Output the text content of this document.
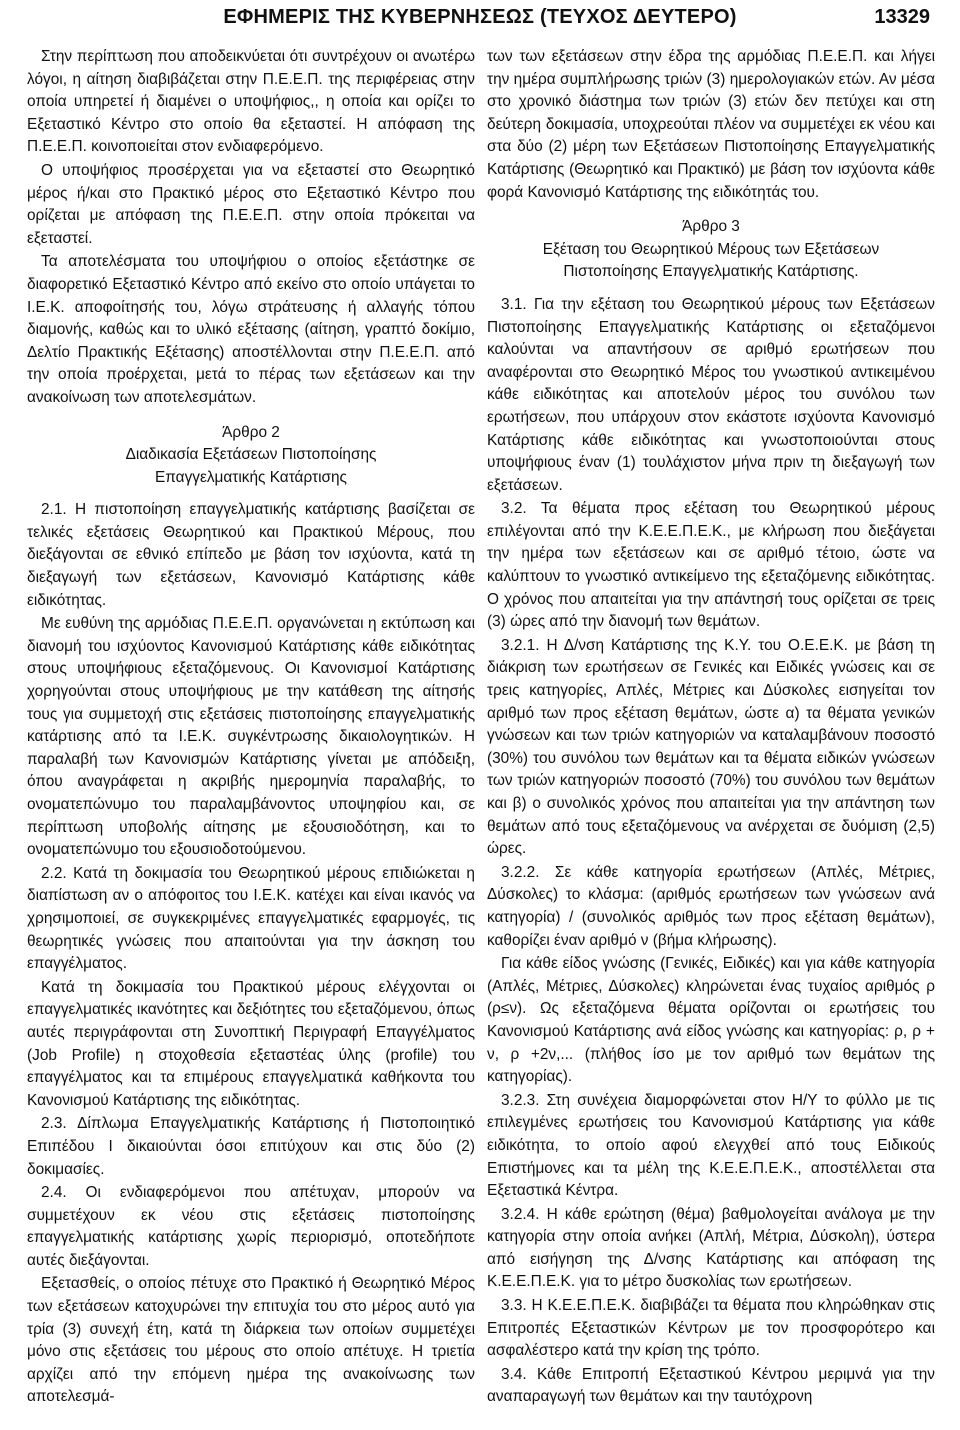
ΕΦΗΜΕΡΙΣ ΤΗΣ ΚΥΒΕΡΝΗΣΕΩΣ (ΤΕΥΧΟΣ ΔΕΥΤΕΡΟ)	13329

Στην περίπτωση που αποδεικνύεται ότι συντρέχουν οι ανωτέρω λόγοι, η αίτηση διαβιβάζεται στην Π.Ε.Ε.Π. της περιφέρειας στην οποία υπηρετεί ή διαμένει ο υποψήφιος,, η οποία και ορίζει το Εξεταστικό Κέντρο στο οποίο θα εξεταστεί. Η απόφαση της Π.Ε.Ε.Π. κοινοποιείται στον ενδιαφερόμενο.

Ο υποψήφιος προσέρχεται για να εξεταστεί στο Θεωρητικό μέρος ή/και στο Πρακτικό μέρος στο Εξεταστικό Κέντρο που ορίζεται με απόφαση της Π.Ε.Ε.Π. στην οποία πρόκειται να εξεταστεί.

Τα αποτελέσματα του υποψήφιου ο οποίος εξετάστηκε σε διαφορετικό Εξεταστικό Κέντρο από εκείνο στο οποίο υπάγεται το Ι.Ε.Κ. αποφοίτησής του, λόγω στράτευσης ή αλλαγής τόπου διαμονής, καθώς και το υλικό εξέτασης (αίτηση, γραπτό δοκίμιο, Δελτίο Πρακτικής Εξέτασης) αποστέλλονται στην Π.Ε.Ε.Π. από την οποία προέρχεται, μετά το πέρας των εξετάσεων και την ανακοίνωση των αποτελεσμάτων.

Άρθρο 2
Διαδικασία Εξετάσεων Πιστοποίησης
Επαγγελματικής Κατάρτισης

2.1. Η πιστοποίηση επαγγελματικής κατάρτισης βασίζεται σε τελικές εξετάσεις Θεωρητικού και Πρακτικού Μέρους, που διεξάγονται σε εθνικό επίπεδο με βάση τον ισχύοντα, κατά τη διεξαγωγή των εξετάσεων, Κανονισμό Κατάρτισης κάθε ειδικότητας.

Με ευθύνη της αρμόδιας Π.Ε.Ε.Π. οργανώνεται η εκτύπωση και διανομή του ισχύοντος Κανονισμού Κατάρτισης κάθε ειδικότητας στους υποψήφιους εξεταζόμενους. Οι Κανονισμοί Κατάρτισης χορηγούνται στους υποψήφιους με την κατάθεση της αίτησής τους για συμμετοχή στις εξετάσεις πιστοποίησης επαγγελματικής κατάρτισης από τα Ι.Ε.Κ. συγκέντρωσης δικαιολογητικών. Η παραλαβή των Κανονισμών Κατάρτισης γίνεται με απόδειξη, όπου αναγράφεται η ακριβής ημερομηνία παραλαβής, το ονοματεπώνυμο του παραλαμβάνοντος υποψηφίου και, σε περίπτωση υποβολής αίτησης με εξουσιοδότηση, και το ονοματεπώνυμο του εξουσιοδοτούμενου.

2.2. Κατά τη δοκιμασία του Θεωρητικού μέρους επιδιώκεται η διαπίστωση αν ο απόφοιτος του Ι.Ε.Κ. κατέχει και είναι ικανός να χρησιμοποιεί, σε συγκεκριμένες επαγγελματικές εφαρμογές, τις θεωρητικές γνώσεις που απαιτούνται για την άσκηση του επαγγέλματος.

Κατά τη δοκιμασία του Πρακτικού μέρους ελέγχονται οι επαγγελματικές ικανότητες και δεξιότητες του εξεταζόμενου, όπως αυτές περιγράφονται στη Συνοπτική Περιγραφή Επαγγέλματος (Job Profile) η στοχοθεσία εξεταστέας ύλης (profile) του επαγγέλματος και τα επιμέρους επαγγελματικά καθήκοντα του Κανονισμού Κατάρτισης της ειδικότητας.

2.3. Δίπλωμα Επαγγελματικής Κατάρτισης ή Πιστοποιητικό Επιπέδου Ι δικαιούνται όσοι επιτύχουν και στις δύο (2) δοκιμασίες.

2.4. Οι ενδιαφερόμενοι που απέτυχαν, μπορούν να συμμετέχουν εκ νέου στις εξετάσεις πιστοποίησης επαγγελματικής κατάρτισης χωρίς περιορισμό, οποτεδήποτε αυτές διεξάγονται.

Εξετασθείς, ο οποίος πέτυχε στο Πρακτικό ή Θεωρητικό Μέρος των εξετάσεων κατοχυρώνει την επιτυχία του στο μέρος αυτό για τρία (3) συνεχή έτη, κατά τη διάρκεια των οποίων συμμετέχει μόνο στις εξετάσεις του μέρους στο οποίο απέτυχε. Η τριετία αρχίζει από την επόμενη ημέρα της ανακοίνωσης των αποτελεσμά-

των των εξετάσεων στην έδρα της αρμόδιας Π.Ε.Ε.Π. και λήγει την ημέρα συμπλήρωσης τριών (3) ημερολογιακών ετών. Αν μέσα στο χρονικό διάστημα των τριών (3) ετών δεν πετύχει και στη δεύτερη δοκιμασία, υποχρεούται πλέον να συμμετέχει εκ νέου και στα δύο (2) μέρη των Εξετάσεων Πιστοποίησης Επαγγελματικής Κατάρτισης (Θεωρητικό και Πρακτικό) με βάση τον ισχύοντα κάθε φορά Κανονισμό Κατάρτισης της ειδικότητάς του.

Άρθρο 3
Εξέταση του Θεωρητικού Μέρους των Εξετάσεων
Πιστοποίησης Επαγγελματικής Κατάρτισης.

3.1. Για την εξέταση του Θεωρητικού μέρους των Εξετάσεων Πιστοποίησης Επαγγελματικής Κατάρτισης οι εξεταζόμενοι καλούνται να απαντήσουν σε αριθμό ερωτήσεων που αναφέρονται στο Θεωρητικό Μέρος του γνωστικού αντικειμένου κάθε ειδικότητας και αποτελούν μέρος του συνόλου των ερωτήσεων, που υπάρχουν στον εκάστοτε ισχύοντα Κανονισμό Κατάρτισης κάθε ειδικότητας και γνωστοποιούνται στους υποψήφιους έναν (1) τουλάχιστον μήνα πριν τη διεξαγωγή των εξετάσεων.

3.2. Τα θέματα προς εξέταση του Θεωρητικού μέρους επιλέγονται από την Κ.Ε.Ε.Π.Ε.Κ., με κλήρωση που διεξάγεται την ημέρα των εξετάσεων και σε αριθμό τέτοιο, ώστε να καλύπτουν το γνωστικό αντικείμενο της εξεταζόμενης ειδικότητας. Ο χρόνος που απαιτείται για την απάντησή τους ορίζεται σε τρεις (3) ώρες από την διανομή των θεμάτων.

3.2.1. Η Δ/νση Κατάρτισης της Κ.Υ. του Ο.Ε.Ε.Κ. με βάση τη διάκριση των ερωτήσεων σε Γενικές και Ειδικές γνώσεις και σε τρεις κατηγορίες, Απλές, Μέτριες και Δύσκολες εισηγείται τον αριθμό των προς εξέταση θεμάτων, ώστε α) τα θέματα γενικών γνώσεων και των τριών κατηγοριών να καταλαμβάνουν ποσοστό (30%) του συνόλου των θεμάτων και τα θέματα ειδικών γνώσεων των τριών κατηγοριών ποσοστό (70%) του συνόλου των θεμάτων και β) ο συνολικός χρόνος που απαιτείται για την απάντηση των θεμάτων από τους εξεταζόμενους να ανέρχεται σε δυόμιση (2,5) ώρες.

3.2.2. Σε κάθε κατηγορία ερωτήσεων (Απλές, Μέτριες, Δύσκολες) το κλάσμα: (αριθμός ερωτήσεων των γνώσεων ανά κατηγορία) / (συνολικός αριθμός των προς εξέταση θεμάτων), καθορίζει έναν αριθμό ν (βήμα κλήρωσης).

Για κάθε είδος γνώσης (Γενικές, Ειδικές) και για κάθε κατηγορία (Απλές, Μέτριες, Δύσκολες) κληρώνεται ένας τυχαίος αριθμός ρ (ρ≤ν). Ως εξεταζόμενα θέματα ορίζονται οι ερωτήσεις του Κανονισμού Κατάρτισης ανά είδος γνώσης και κατηγορίας: ρ, ρ + ν, ρ +2ν,... (πλήθος ίσο με τον αριθμό των θεμάτων της κατηγορίας).

3.2.3. Στη συνέχεια διαμορφώνεται στον Η/Υ το φύλλο με τις επιλεγμένες ερωτήσεις του Κανονισμού Κατάρτισης για κάθε ειδικότητα, το οποίο αφού ελεγχθεί από τους Ειδικούς Επιστήμονες και τα μέλη της Κ.Ε.Ε.Π.Ε.Κ., αποστέλλεται στα Εξεταστικά Κέντρα.

3.2.4. Η κάθε ερώτηση (θέμα) βαθμολογείται ανάλογα με την κατηγορία στην οποία ανήκει (Απλή, Μέτρια, Δύσκολη), ύστερα από εισήγηση της Δ/νσης Κατάρτισης και απόφαση της Κ.Ε.Ε.Π.Ε.Κ. για το μέτρο δυσκολίας των ερωτήσεων.

3.3. Η Κ.Ε.Ε.Π.Ε.Κ. διαβιβάζει τα θέματα που κληρώθηκαν στις Επιτροπές Εξεταστικών Κέντρων με τον προσφορότερο και ασφαλέστερο κατά την κρίση της τρόπο.

3.4. Κάθε Επιτροπή Εξεταστικού Κέντρου μεριμνά για την αναπαραγωγή των θεμάτων και την ταυτόχρονη
